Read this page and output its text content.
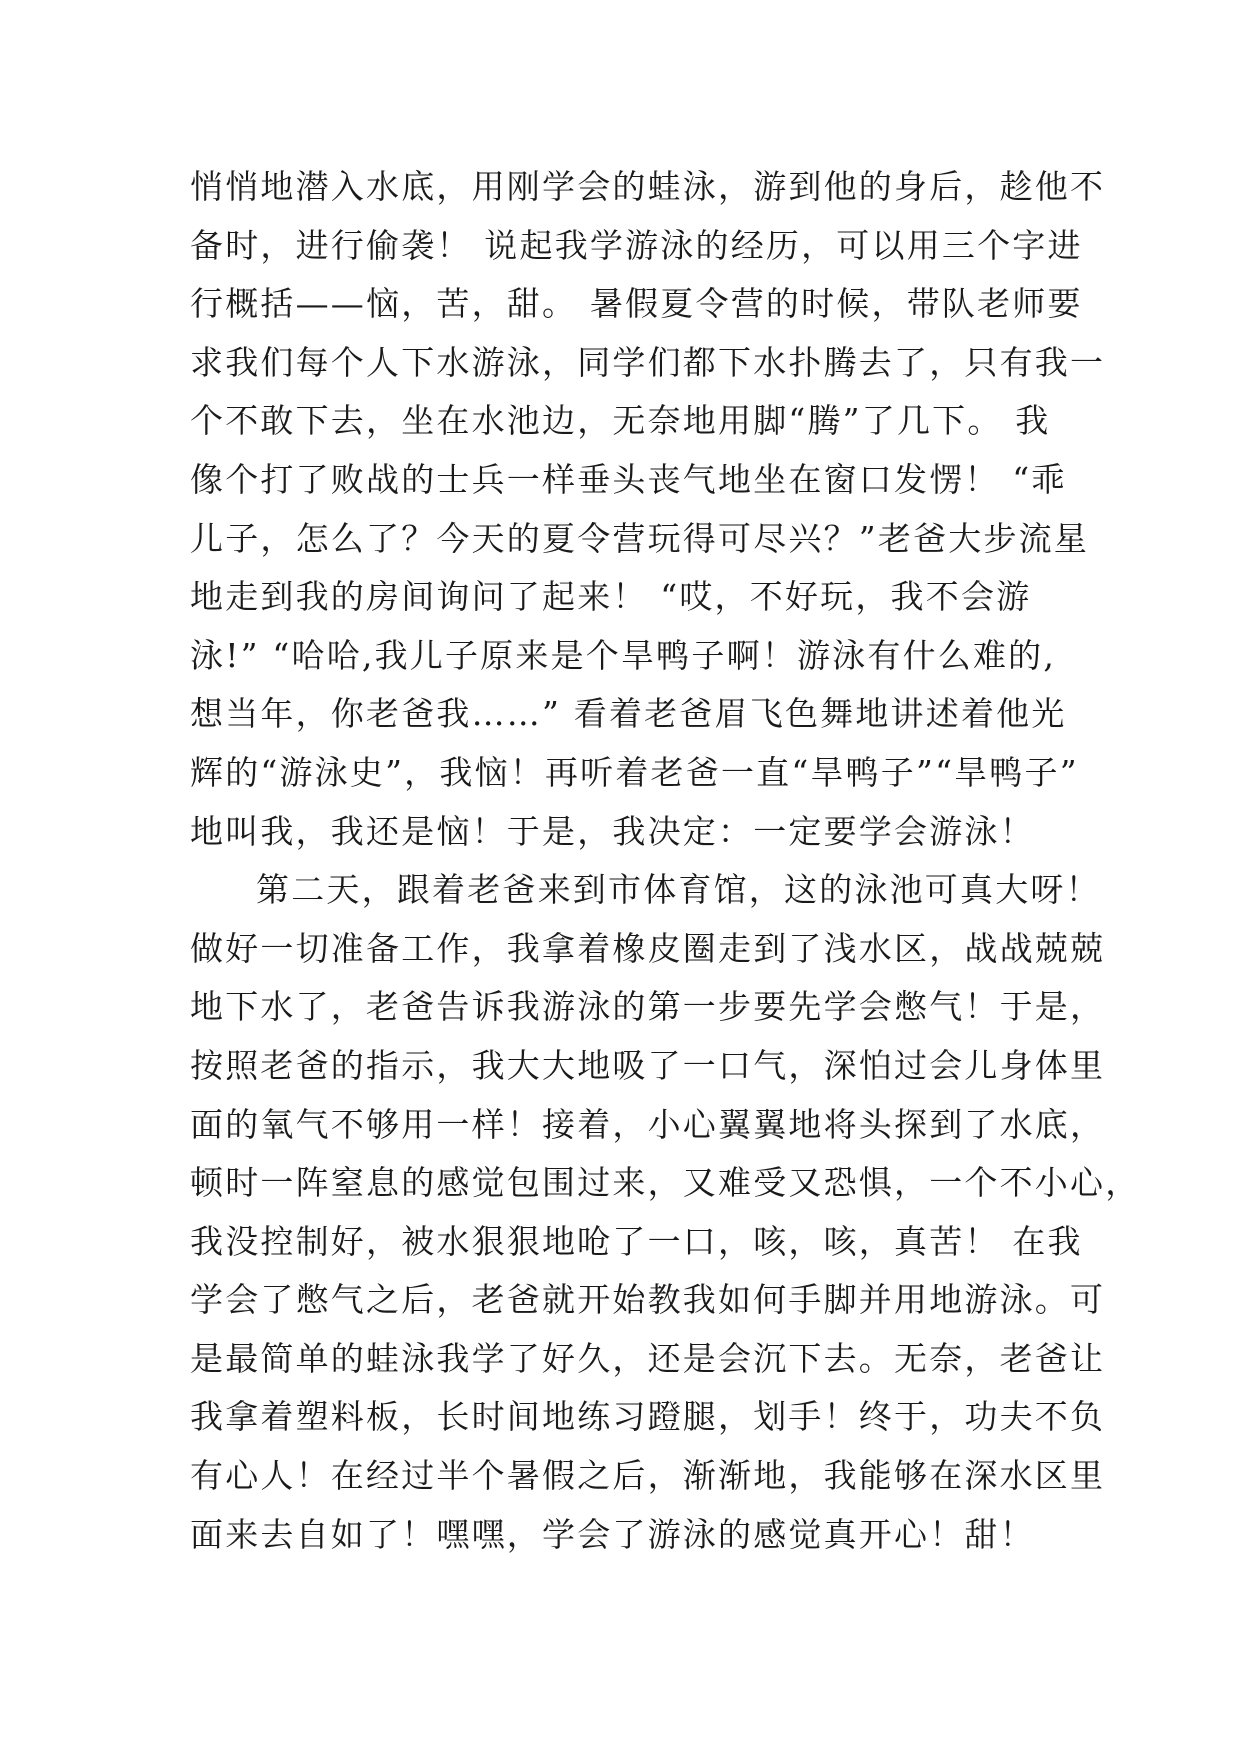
悄悄地潜入水底，用刚学会的蛙泳，游到他的身后，趁他不
备时，进行偷袭！ 说起我学游泳的经历，可以用三个字进
行概括——恼，苦，甜。 暑假夏令营的时候，带队老师要
求我们每个人下水游泳，同学们都下水扑腾去了，只有我一
个不敢下去，坐在水池边，无奈地用脚“腾”了几下。 我
像个打了败战的士兵一样垂头丧气地坐在窗口发愣！ “乖
儿子，怎么了？今天的夏令营玩得可尽兴？”老爸大步流星
地走到我的房间询问了起来！ “哎，不好玩，我不会游
泳!” “哈哈,我儿子原来是个旱鸭子啊！游泳有什么难的,
想当年，你老爸我……” 看着老爸眉飞色舞地讲述着他光
辉的“游泳史”，我恼！再听着老爸一直“旱鸭子”“旱鸭子”
地叫我，我还是恼！于是，我决定：一定要学会游泳！
第二天，跟着老爸来到市体育馆，这的泳池可真大呀！
做好一切准备工作，我拿着橡皮圈走到了浅水区，战战兢兢
地下水了，老爸告诉我游泳的第一步要先学会憋气！于是，
按照老爸的指示，我大大地吸了一口气，深怕过会儿身体里
面的氧气不够用一样！接着，小心翼翼地将头探到了水底，
顿时一阵窒息的感觉包围过来，又难受又恐惧，一个不小心，
我没控制好，被水狠狠地呛了一口，咳，咳，真苦！ 在我
学会了憋气之后，老爸就开始教我如何手脚并用地游泳。可
是最简单的蛙泳我学了好久，还是会沉下去。无奈，老爸让
我拿着塑料板，长时间地练习蹬腿，划手！终于，功夫不负
有心人！在经过半个暑假之后，渐渐地，我能够在深水区里
面来去自如了！嘿嘿，学会了游泳的感觉真开心！甜！
